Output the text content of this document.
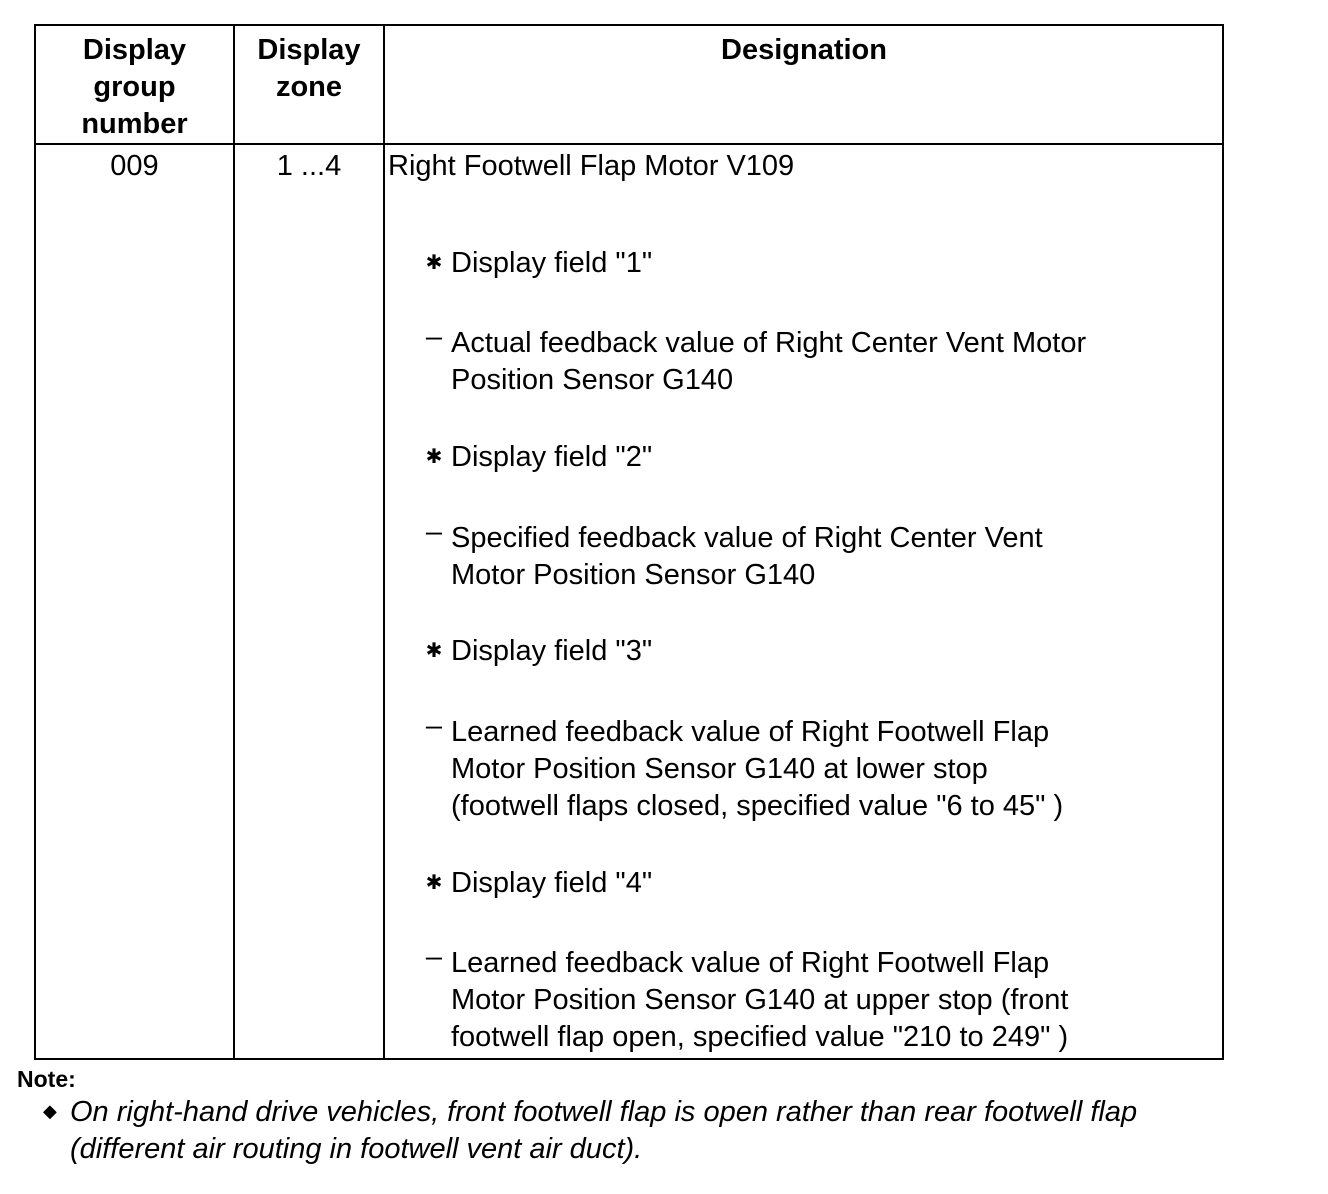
Display
group
number
Display
zone
Designation
009	1 ...4	Right Footwell Flap Motor V109
✱ Display field "1"
– Actual feedback value of Right Center Vent Motor
Position Sensor G140
✱ Display field "2"
– Specified feedback value of Right Center Vent
Motor Position Sensor G140
✱ Display field "3"
– Learned feedback value of Right Footwell Flap
Motor Position Sensor G140 at lower stop
(footwell flaps closed, specified value "6 to 45" )
✱ Display field "4"
– Learned feedback value of Right Footwell Flap
Motor Position Sensor G140 at upper stop (front
footwell flap open, specified value "210 to 249" )
Note:
◆ On right-hand drive vehicles, front footwell flap is open rather than rear footwell flap
(different air routing in footwell vent air duct).
